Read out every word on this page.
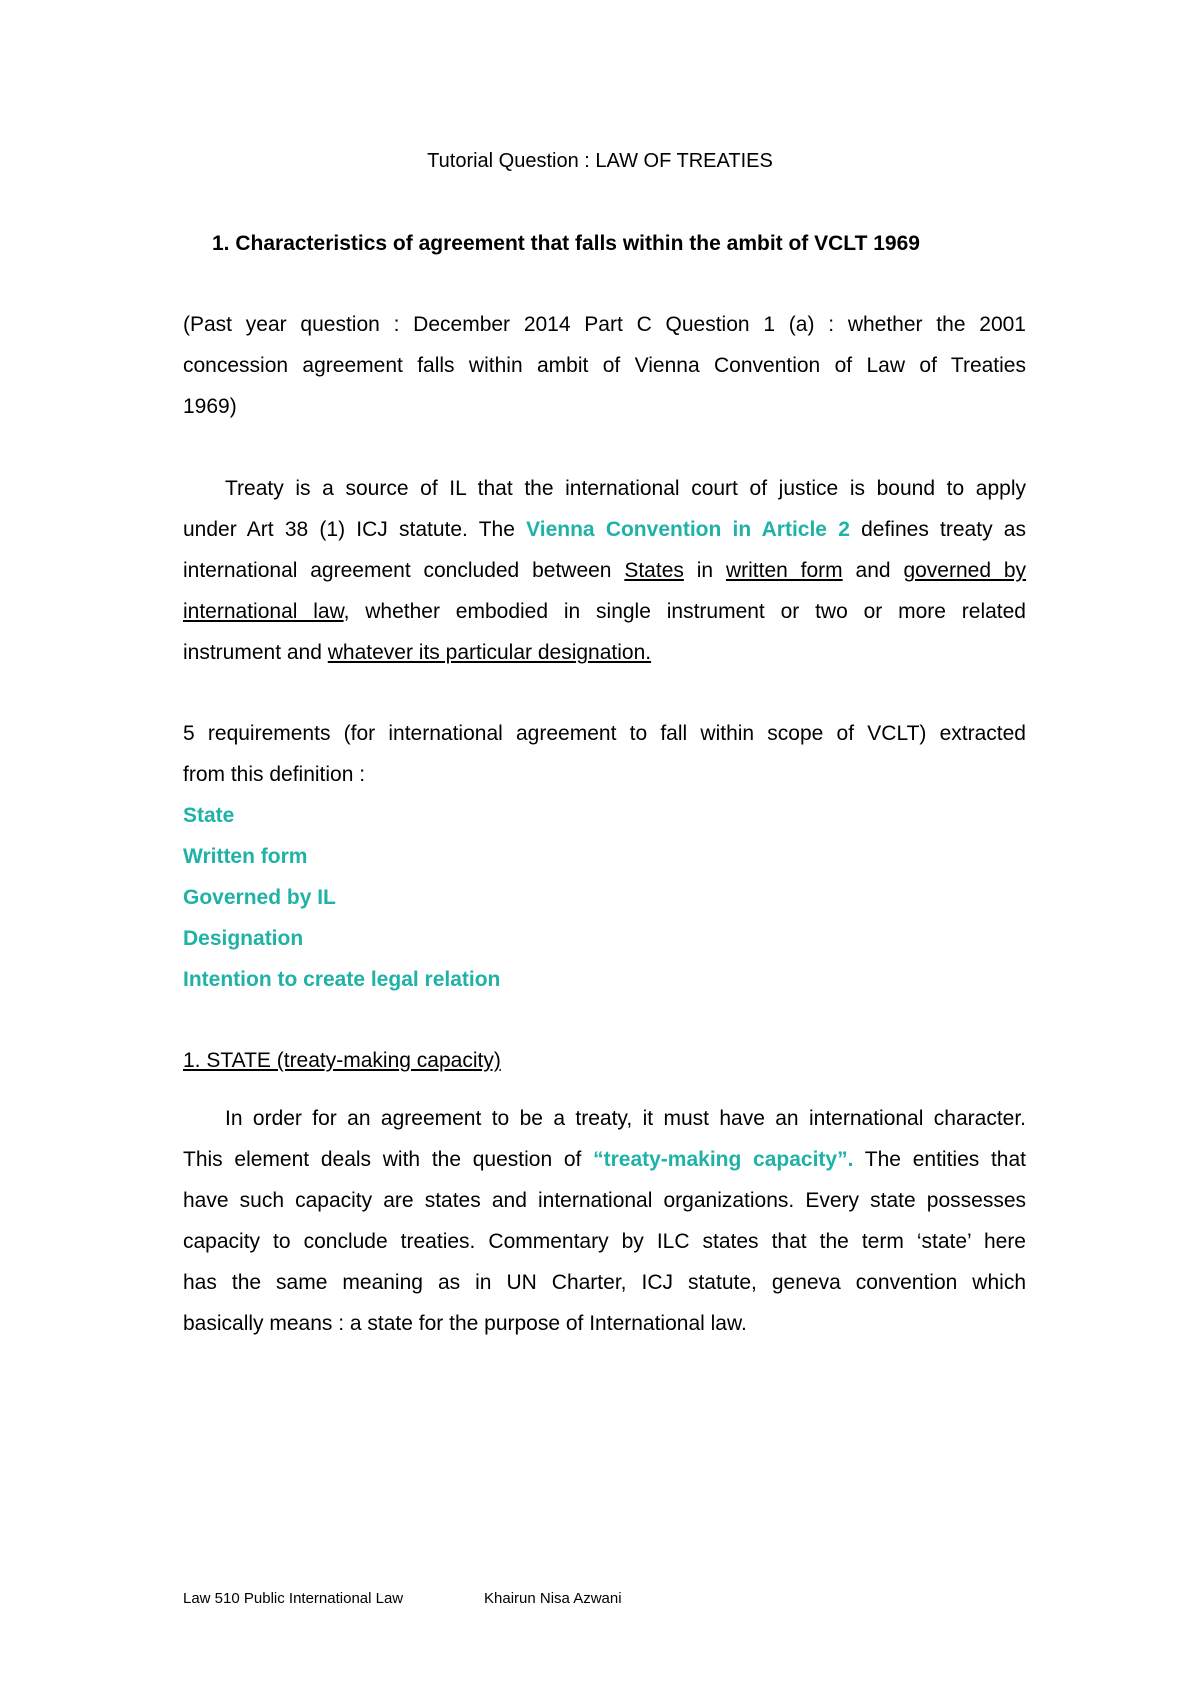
Tutorial Question : LAW OF TREATIES
1. Characteristics of agreement that falls within the ambit of VCLT 1969
(Past year question : December 2014 Part C Question 1 (a) : whether the 2001
concession agreement falls within ambit of Vienna Convention of Law of Treaties
1969)
Treaty is a source of IL that the international court of justice is bound to apply
under Art 38 (1) ICJ statute. The Vienna Convention in Article 2 defines treaty as
international agreement concluded between States in written form and governed by
international law, whether embodied in single instrument or two or more related
instrument and whatever its particular designation.
5 requirements (for international agreement to fall within scope of VCLT) extracted
from this definition :
State
Written form
Governed by IL
Designation
Intention to create legal relation
1. STATE (treaty-making capacity)
In order for an agreement to be a treaty, it must have an international character.
This element deals with the question of “treaty-making capacity”. The entities that
have such capacity are states and international organizations. Every state possesses
capacity to conclude treaties. Commentary by ILC states that the term ‘state’ here
has the same meaning as in UN Charter, ICJ statute, geneva convention which
basically means : a state for the purpose of International law.
Law 510 Public International Law	Khairun Nisa Azwani
